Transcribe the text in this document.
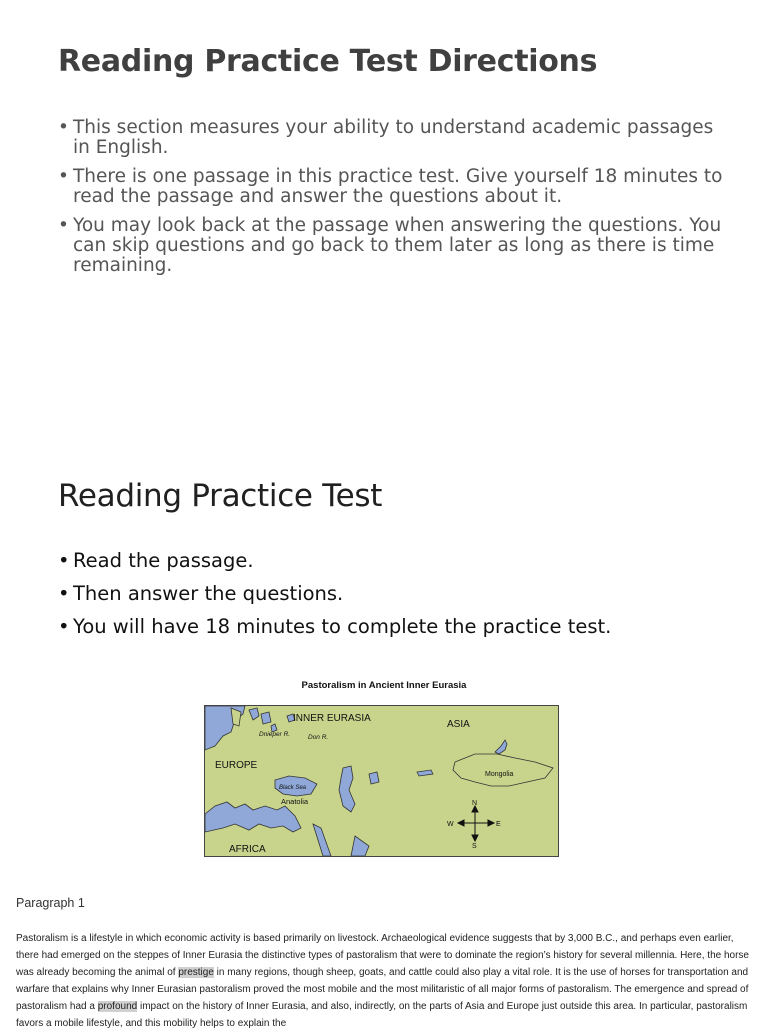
Reading Practice Test Directions
• This section measures your ability to understand academic passages in English.
• There is one passage in this practice test. Give yourself 18 minutes to read the passage and answer the questions about it.
• You may look back at the passage when answering the questions. You can skip questions and go back to them later as long as there is time remaining.
Reading Practice Test
• Read the passage.
• Then answer the questions.
• You will have 18 minutes to complete the practice test.
Pastoralism in Ancient Inner Eurasia
INNER EURASIA
ASIA
EUROPE
AFRICA
Dnieper R.	Don R.
Black Sea
Anatolia
Mongolia
N
S
W	E
Paragraph 1

Pastoralism is a lifestyle in which economic activity is based primarily on livestock. Archaeological evidence suggests that by 3,000 B.C., and perhaps even earlier, there had emerged on the steppes of Inner Eurasia the distinctive types of pastoralism that were to dominate the region’s history for several millennia. Here, the horse was already becoming the animal of prestige in many regions, though sheep, goats, and cattle could also play a vital role. It is the use of horses for transportation and warfare that explains why Inner Eurasian pastoralism proved the most mobile and the most militaristic of all major forms of pastoralism. The emergence and spread of pastoralism had a profound impact on the history of Inner Eurasia, and also, indirectly, on the parts of Asia and Europe just outside this area. In particular, pastoralism favors a mobile lifestyle, and this mobility helps to explain the
